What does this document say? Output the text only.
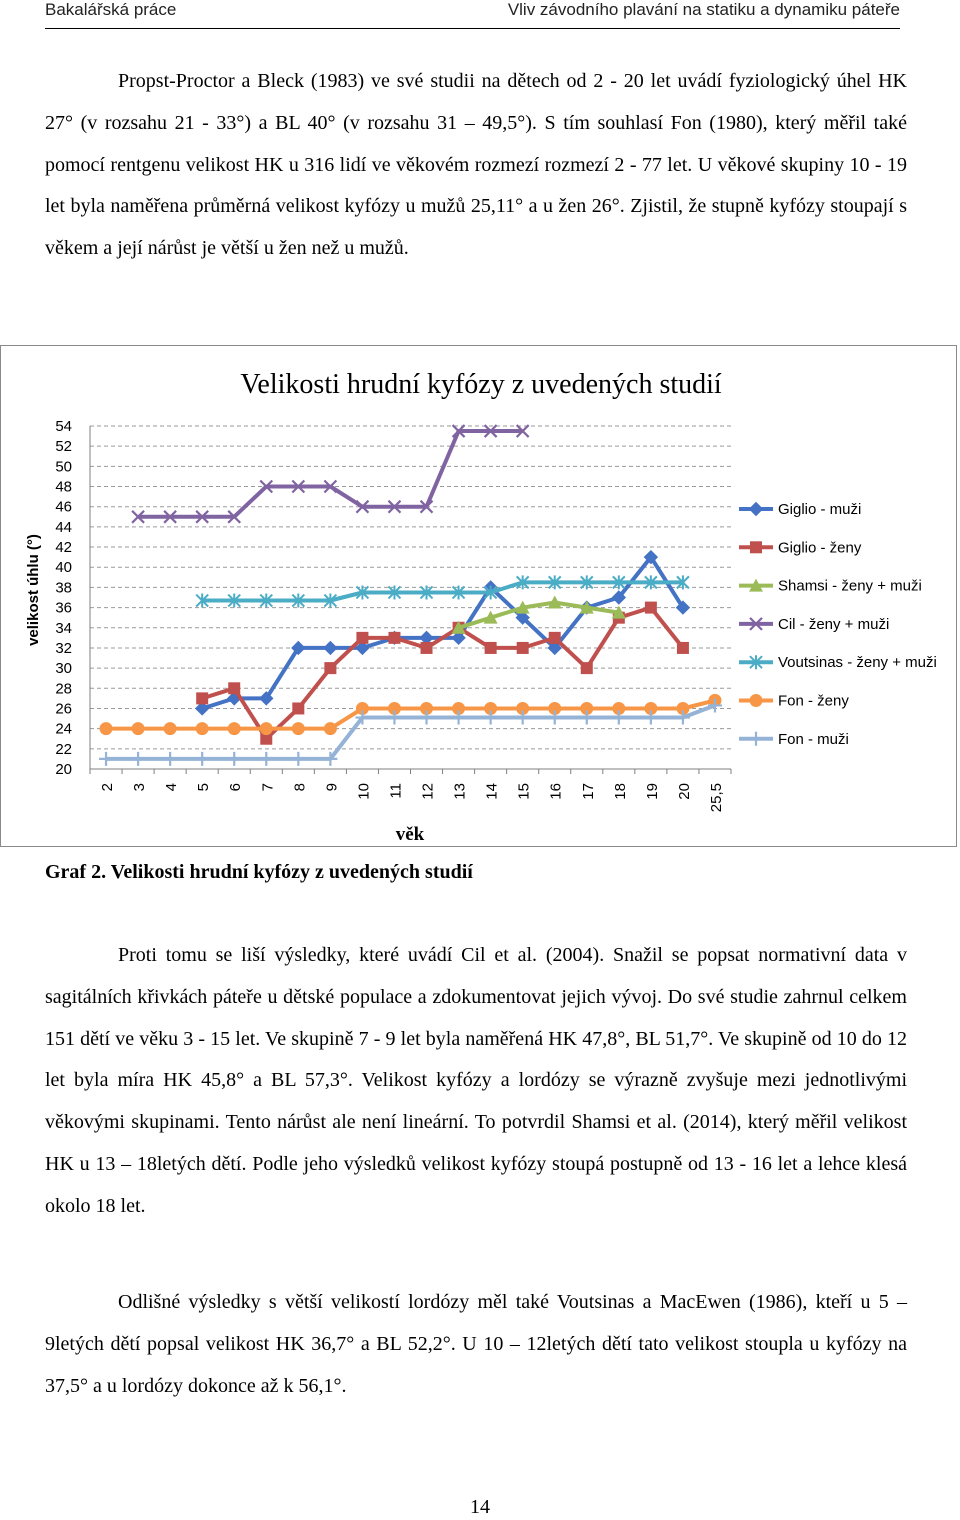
Bakalářská práce	Vliv závodního plavání na statiku a dynamiku páteře

Propst-Proctor a Bleck (1983) ve své studii na dětech od 2 - 20 let uvádí fyziologický úhel HK 27° (v rozsahu 21 - 33°) a BL 40° (v rozsahu 31 – 49,5°). S tím souhlasí Fon (1980), který měřil také pomocí rentgenu velikost HK u 316 lidí ve věkovém rozmezí rozmezí 2 - 77 let. U věkové skupiny 10 - 19 let byla naměřena průměrná velikost kyfózy u mužů 25,11° a u žen 26°. Zjistil, že stupně kyfózy stoupají s věkem a její nárůst je větší u žen než u mužů.

Velikosti hrudní kyfózy z uvedených studií
20
22
24
26
28
30
32
34
36
38
40
42
44
46
48
50
52
54
2 3 4 5 6 7 8 9 10 11 12 13 14 15 16 17 18 19 20 25,5
věk
velikost úhlu (°)
Giglio - muži
Giglio - ženy
Shamsi - ženy + muži
Cil - ženy + muži
Voutsinas - ženy + muži
Fon - ženy
Fon - muži
Graf 2. Velikosti hrudní kyfózy z uvedených studií

Proti tomu se liší výsledky, které uvádí Cil et al. (2004). Snažil se popsat normativní data v sagitálních křivkách páteře u dětské populace a zdokumentovat jejich vývoj. Do své studie zahrnul celkem 151 dětí ve věku 3 - 15 let. Ve skupině 7 - 9 let byla naměřená HK 47,8°, BL 51,7°. Ve skupině od 10 do 12 let byla míra HK 45,8° a BL 57,3°. Velikost kyfózy a lordózy se výrazně zvyšuje mezi jednotlivými věkovými skupinami. Tento nárůst ale není lineární. To potvrdil Shamsi et al. (2014), který měřil velikost HK u 13 – 18letých dětí. Podle jeho výsledků velikost kyfózy stoupá postupně od 13 - 16 let a lehce klesá okolo 18 let.

Odlišné výsledky s větší velikostí lordózy měl také Voutsinas a MacEwen (1986), kteří u 5 – 9letých dětí popsal velikost HK 36,7° a BL 52,2°. U 10 – 12letých dětí tato velikost stoupla u kyfózy na 37,5° a u lordózy dokonce až k 56,1°.

14
